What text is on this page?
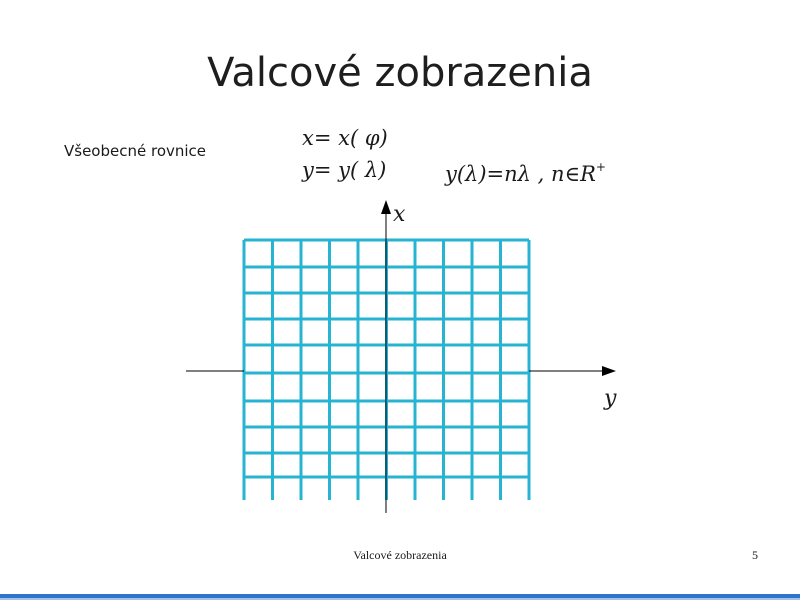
Valcové zobrazenia
Všeobecné rovnice
x= x( φ)
y= y( λ)	y(λ)=nλ , n∈R+
x
y
Valcové zobrazenia	5
